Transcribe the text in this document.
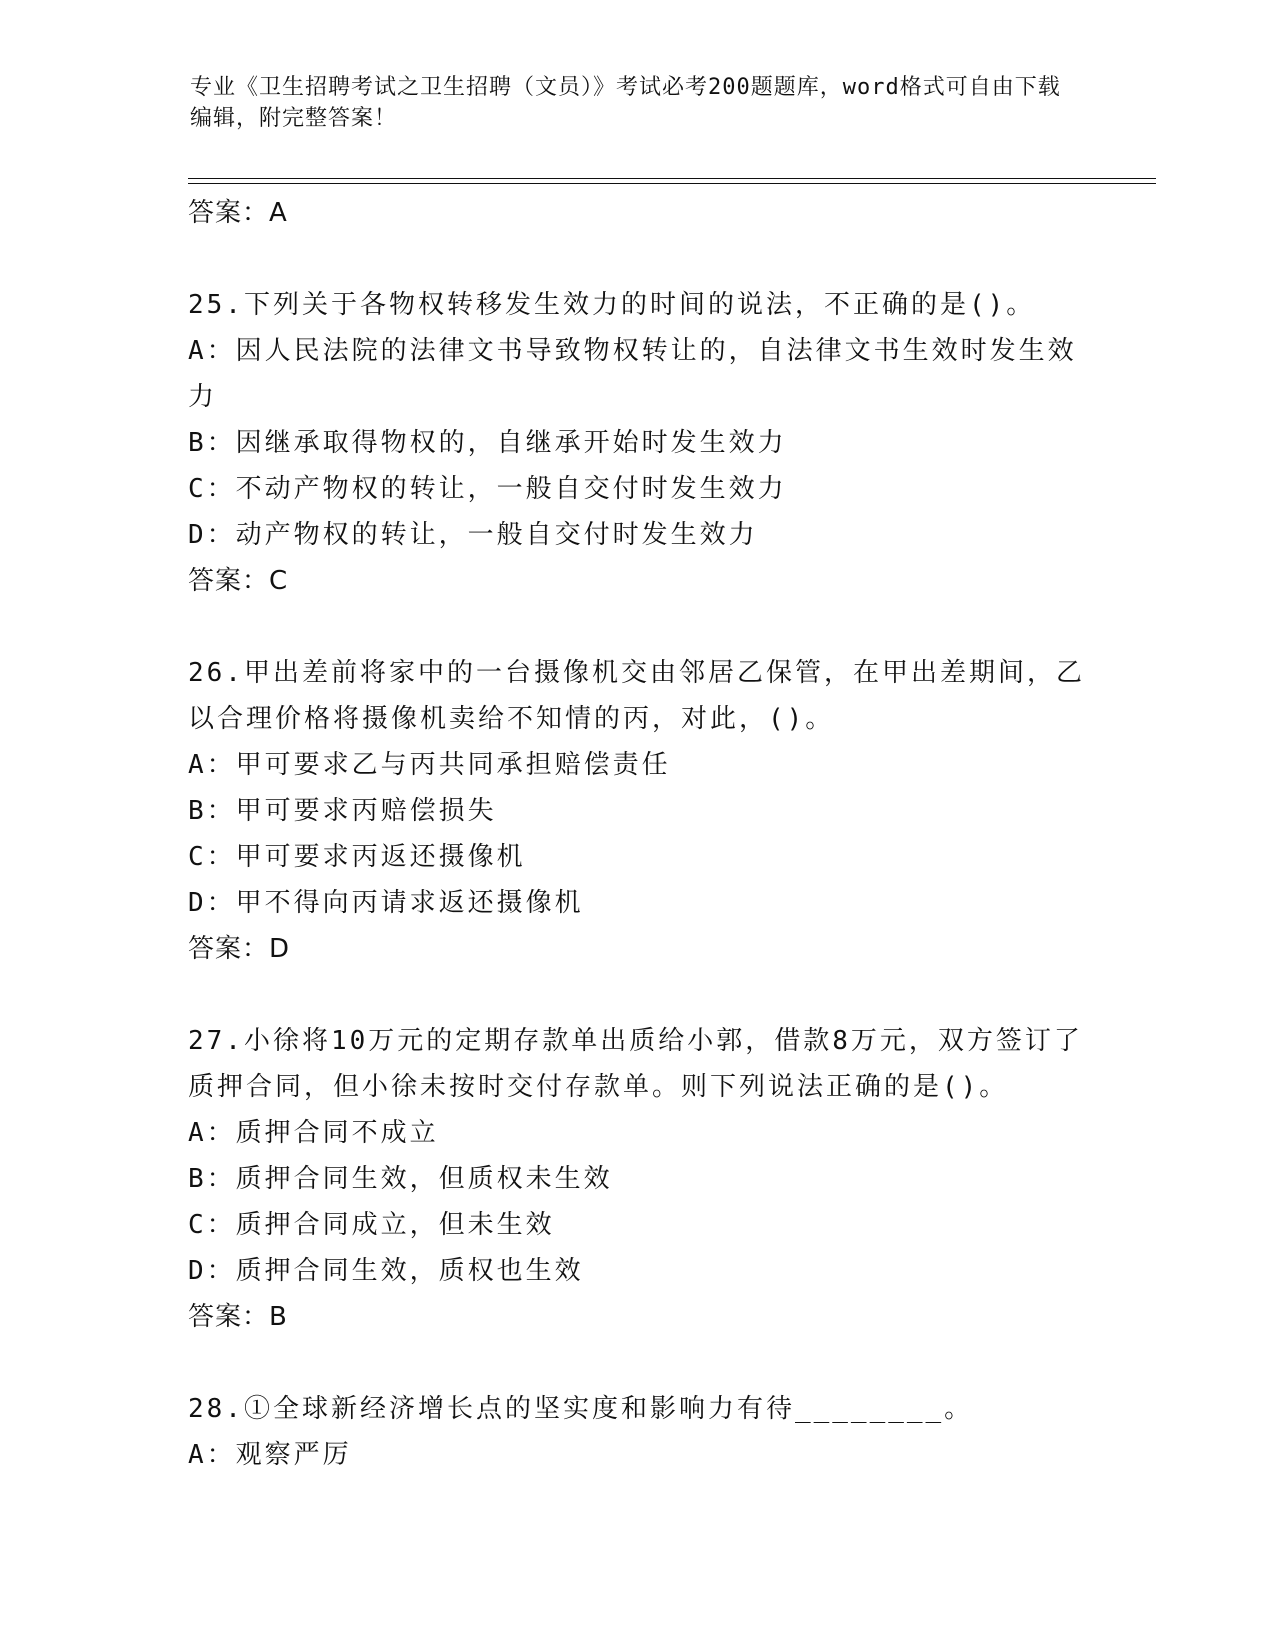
专业《卫生招聘考试之卫生招聘（文员）》考试必考200题题库，word格式可自由下载编辑，附完整答案！

答案：A

25.下列关于各物权转移发生效力的时间的说法，不正确的是()。

A：因人民法院的法律文书导致物权转让的，自法律文书生效时发生效力

B：因继承取得物权的，自继承开始时发生效力

C：不动产物权的转让，一般自交付时发生效力

D：动产物权的转让，一般自交付时发生效力

答案：C

26.甲出差前将家中的一台摄像机交由邻居乙保管，在甲出差期间，乙以合理价格将摄像机卖给不知情的丙，对此，()。

A：甲可要求乙与丙共同承担赔偿责任

B：甲可要求丙赔偿损失

C：甲可要求丙返还摄像机

D：甲不得向丙请求返还摄像机

答案：D

27.小徐将10万元的定期存款单出质给小郭，借款8万元，双方签订了质押合同，但小徐未按时交付存款单。则下列说法正确的是()。

A：质押合同不成立

B：质押合同生效，但质权未生效

C：质押合同成立，但未生效

D：质押合同生效，质权也生效

答案：B

28.①全球新经济增长点的坚实度和影响力有待________。

A：观察严厉
